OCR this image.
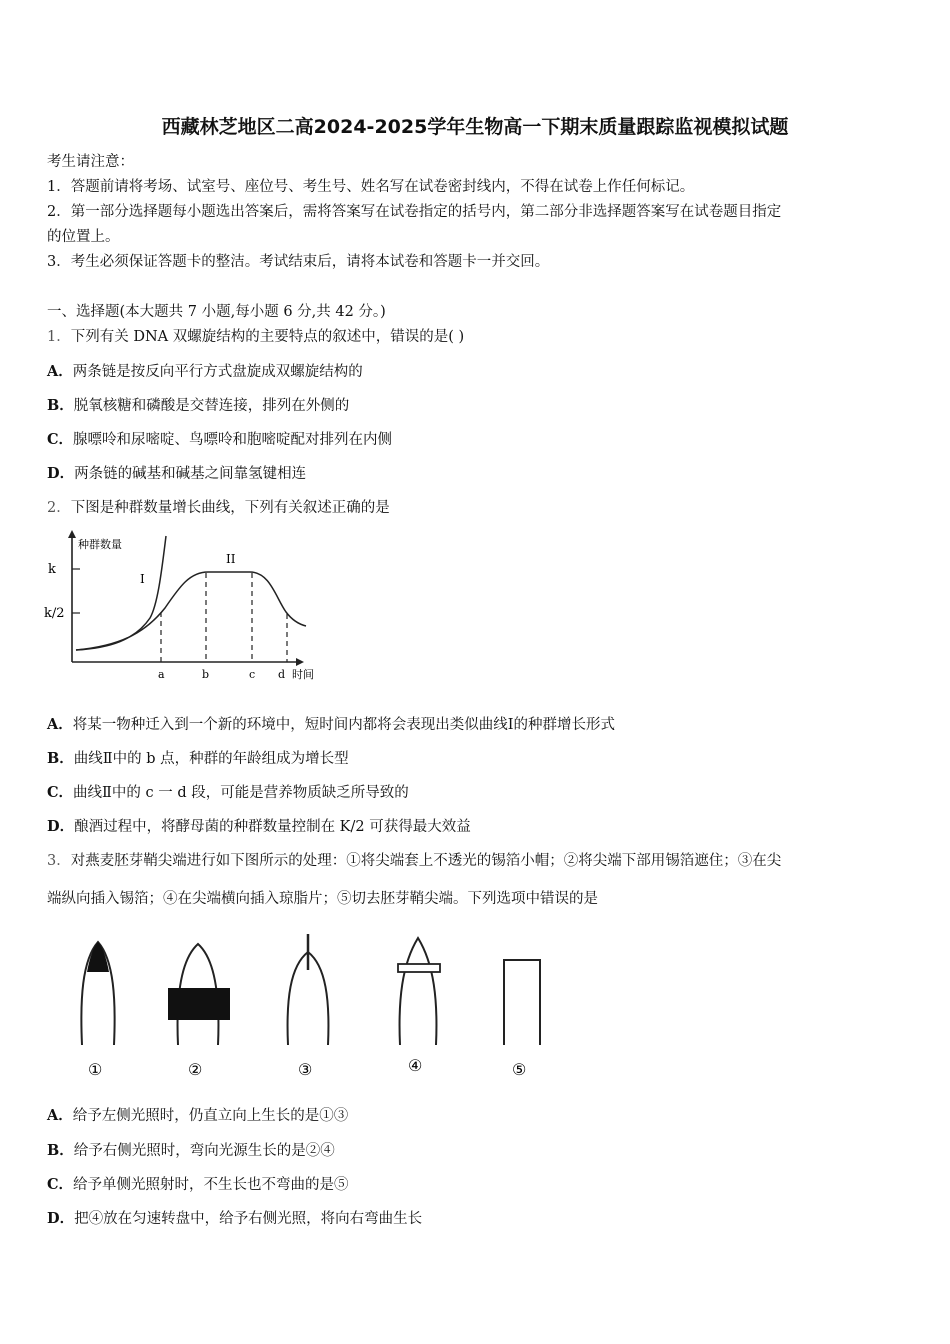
西藏林芝地区二高2024-2025学年生物高一下期末质量跟踪监视模拟试题
考生请注意：
1．答题前请将考场、试室号、座位号、考生号、姓名写在试卷密封线内，不得在试卷上作任何标记。
2．第一部分选择题每小题选出答案后，需将答案写在试卷指定的括号内，第二部分非选择题答案写在试卷题目指定
的位置上。
3．考生必须保证答题卡的整洁。考试结束后，请将本试卷和答题卡一并交回。
一、选择题(本大题共 7 小题,每小题 6 分,共 42 分。)
1．下列有关 DNA 双螺旋结构的主要特点的叙述中，错误的是( )
A．两条链是按反向平行方式盘旋成双螺旋结构的
B．脱氧核糖和磷酸是交替连接，排列在外侧的
C．腺嘌呤和尿嘧啶、鸟嘌呤和胞嘧啶配对排列在内侧
D．两条链的碱基和碱基之间靠氢键相连
2．下图是种群数量增长曲线，下列有关叙述正确的是
种群数量
k
k/2
I
II
a	b	c d 时间
A．将某一物种迁入到一个新的环境中，短时间内都将会表现出类似曲线Ⅰ的种群增长形式
B．曲线Ⅱ中的 b 点，种群的年龄组成为增长型
C．曲线Ⅱ中的 c 一 d 段，可能是营养物质缺乏所导致的
D．酿酒过程中，将酵母菌的种群数量控制在 K/2 可获得最大效益
3．对燕麦胚芽鞘尖端进行如下图所示的处理：①将尖端套上不透光的锡箔小帽；②将尖端下部用锡箔遮住；③在尖
端纵向插入锡箔；④在尖端横向插入琼脂片；⑤切去胚芽鞘尖端。下列选项中错误的是
①	②	③	④	⑤
A．给予左侧光照时，仍直立向上生长的是①③
B．给予右侧光照时，弯向光源生长的是②④
C．给予单侧光照射时，不生长也不弯曲的是⑤
D．把④放在匀速转盘中，给予右侧光照，将向右弯曲生长
